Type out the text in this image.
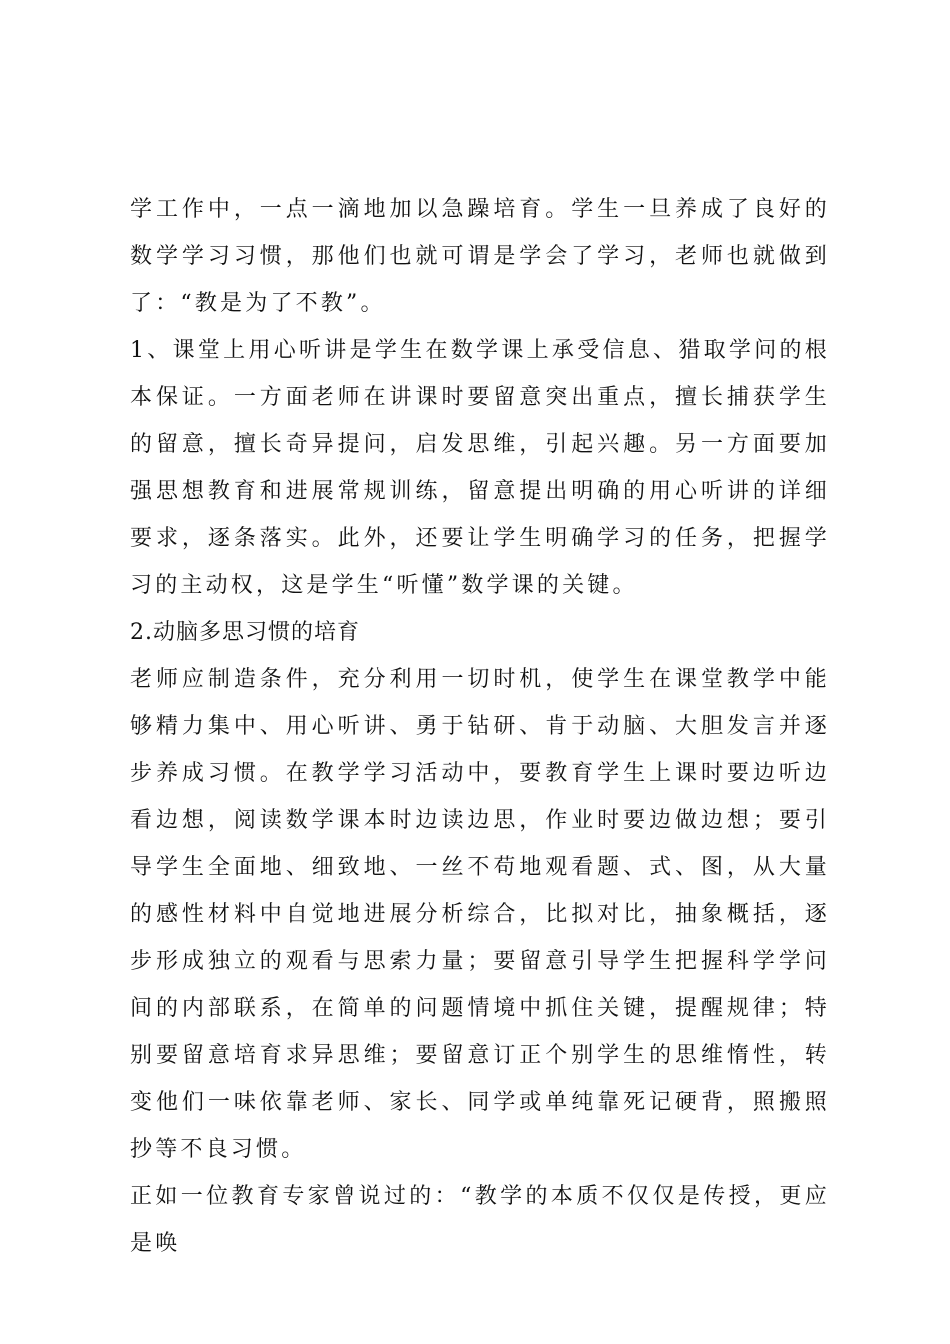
学工作中，一点一滴地加以急躁培育。学生一旦养成了良好的数学学习习惯，那他们也就可谓是学会了学习，老师也就做到了：“教是为了不教”。

1、课堂上用心听讲是学生在数学课上承受信息、猎取学问的根本保证。一方面老师在讲课时要留意突出重点，擅长捕获学生的留意，擅长奇异提问，启发思维，引起兴趣。另一方面要加强思想教育和进展常规训练，留意提出明确的用心听讲的详细要求，逐条落实。此外，还要让学生明确学习的任务，把握学习的主动权，这是学生“听懂”数学课的关键。

2.动脑多思习惯的培育

老师应制造条件，充分利用一切时机，使学生在课堂教学中能够精力集中、用心听讲、勇于钻研、肯于动脑、大胆发言并逐步养成习惯。在教学学习活动中，要教育学生上课时要边听边看边想，阅读数学课本时边读边思，作业时要边做边想；要引导学生全面地、细致地、一丝不苟地观看题、式、图，从大量的感性材料中自觉地进展分析综合，比拟对比，抽象概括，逐步形成独立的观看与思索力量；要留意引导学生把握科学学问间的内部联系，在简单的问题情境中抓住关键，提醒规律；特别要留意培育求异思维；要留意订正个别学生的思维惰性，转变他们一味依靠老师、家长、同学或单纯靠死记硬背，照搬照抄等不良习惯。

正如一位教育专家曾说过的：“教学的本质不仅仅是传授，更应是唤
